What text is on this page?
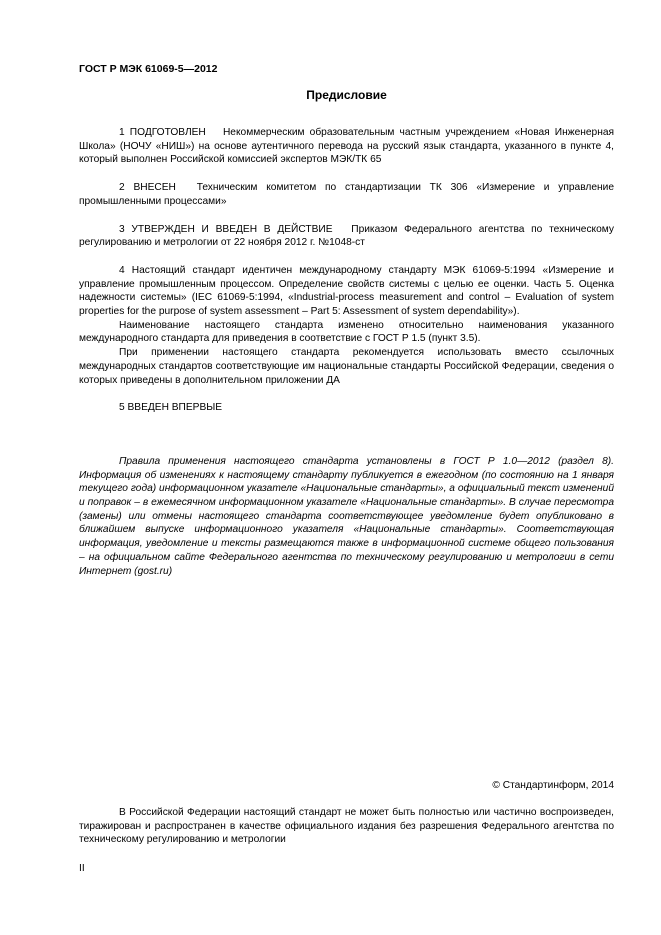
ГОСТ Р МЭК 61069-5—2012
Предисловие

1 ПОДГОТОВЛЕН Некоммерческим образовательным частным учреждением «Новая Инженерная Школа» (НОЧУ «НИШ») на основе аутентичного перевода на русский язык стандарта, указанного в пункте 4, который выполнен Российской комиссией экспертов МЭК/ТК 65

2 ВНЕСЕН Техническим комитетом по стандартизации ТК 306 «Измерение и управление промышленными процессами»

3 УТВЕРЖДЕН И ВВЕДЕН В ДЕЙСТВИЕ Приказом Федерального агентства по техническому регулированию и метрологии от 22 ноября 2012 г. №1048-ст

4 Настоящий стандарт идентичен международному стандарту МЭК 61069-5:1994 «Измерение и управление промышленным процессом. Определение свойств системы с целью ее оценки. Часть 5. Оценка надежности системы» (IEC 61069-5:1994, «Industrial-process measurement and control – Evaluation of system properties for the purpose of system assessment – Part 5: Assessment of system dependability»).

Наименование настоящего стандарта изменено относительно наименования указанного международного стандарта для приведения в соответствие с ГОСТ Р 1.5 (пункт 3.5).

При применении настоящего стандарта рекомендуется использовать вместо ссылочных международных стандартов соответствующие им национальные стандарты Российской Федерации, сведения о которых приведены в дополнительном приложении ДА

5 ВВЕДЕН ВПЕРВЫЕ

Правила применения настоящего стандарта установлены в ГОСТ Р 1.0—2012 (раздел 8). Информация об изменениях к настоящему стандарту публикуется в ежегодном (по состоянию на 1 января текущего года) информационном указателе «Национальные стандарты», а официальный текст изменений и поправок – в ежемесячном информационном указателе «Национальные стандарты». В случае пересмотра (замены) или отмены настоящего стандарта соответствующее уведомление будет опубликовано в ближайшем выпуске информационного указателя «Национальные стандарты». Соответствующая информация, уведомление и тексты размещаются также в информационной системе общего пользования – на официальном сайте Федерального агентства по техническому регулированию и метрологии в сети Интернет (gost.ru)

© Стандартинформ, 2014

В Российской Федерации настоящий стандарт не может быть полностью или частично воспроизведен, тиражирован и распространен в качестве официального издания без разрешения Федерального агентства по техническому регулированию и метрологии

II
